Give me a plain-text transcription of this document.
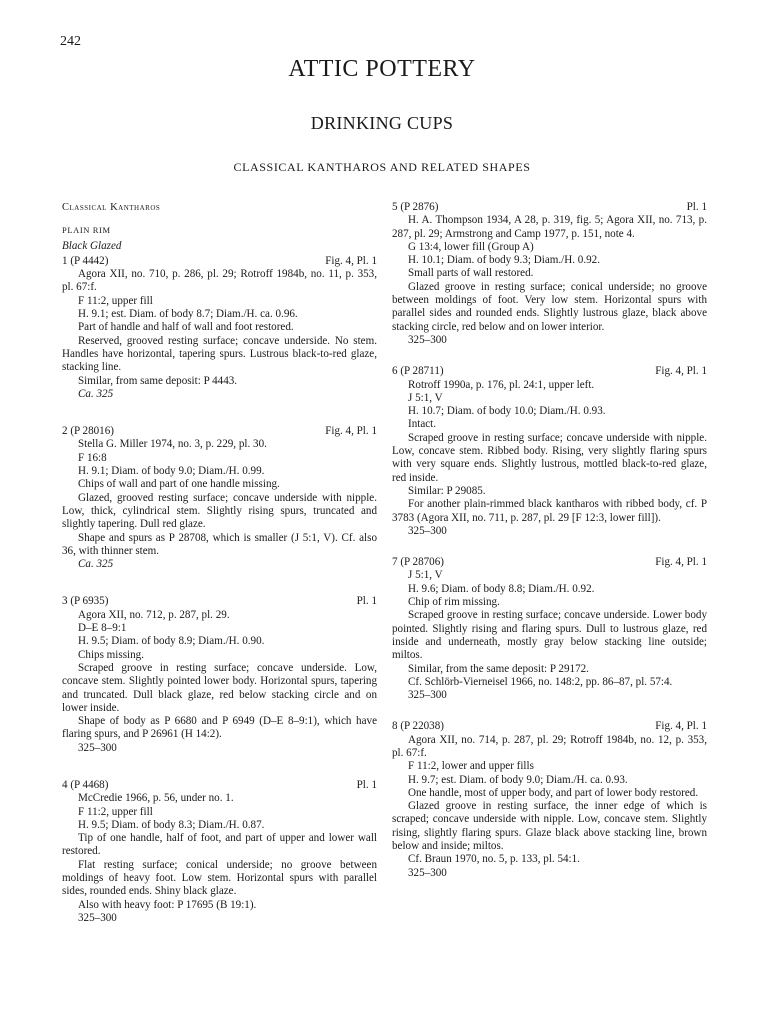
242
ATTIC POTTERY
DRINKING CUPS
CLASSICAL KANTHAROS AND RELATED SHAPES
Classical Kantharos
PLAIN RIM
Black Glazed
1 (P 4442)	Fig. 4, Pl. 1
Agora XII, no. 710, p. 286, pl. 29; Rotroff 1984b, no. 11, p. 353, pl. 67:f.
F 11:2, upper fill
H. 9.1; est. Diam. of body 8.7; Diam./H. ca. 0.96.
Part of handle and half of wall and foot restored.
Reserved, grooved resting surface; concave underside. No stem. Handles have horizontal, tapering spurs. Lustrous black-to-red glaze, stacking line.
Similar, from same deposit: P 4443.
Ca. 325
2 (P 28016)	Fig. 4, Pl. 1
Stella G. Miller 1974, no. 3, p. 229, pl. 30.
F 16:8
H. 9.1; Diam. of body 9.0; Diam./H. 0.99.
Chips of wall and part of one handle missing.
Glazed, grooved resting surface; concave underside with nipple. Low, thick, cylindrical stem. Slightly rising spurs, truncated and slightly tapering. Dull red glaze.
Shape and spurs as P 28708, which is smaller (J 5:1, V). Cf. also 36, with thinner stem.
Ca. 325
3 (P 6935)	Pl. 1
Agora XII, no. 712, p. 287, pl. 29.
D–E 8–9:1
H. 9.5; Diam. of body 8.9; Diam./H. 0.90.
Chips missing.
Scraped groove in resting surface; concave underside. Low, concave stem. Slightly pointed lower body. Horizontal spurs, tapering and truncated. Dull black glaze, red below stacking circle and on lower inside.
Shape of body as P 6680 and P 6949 (D–E 8–9:1), which have flaring spurs, and P 26961 (H 14:2).
325–300
4 (P 4468)	Pl. 1
McCredie 1966, p. 56, under no. 1.
F 11:2, upper fill
H. 9.5; Diam. of body 8.3; Diam./H. 0.87.
Tip of one handle, half of foot, and part of upper and lower wall restored.
Flat resting surface; conical underside; no groove between moldings of heavy foot. Low stem. Horizontal spurs with parallel sides, rounded ends. Shiny black glaze.
Also with heavy foot: P 17695 (B 19:1).
325–300
5 (P 2876)	Pl. 1
H. A. Thompson 1934, A 28, p. 319, fig. 5; Agora XII, no. 713, p. 287, pl. 29; Armstrong and Camp 1977, p. 151, note 4.
G 13:4, lower fill (Group A)
H. 10.1; Diam. of body 9.3; Diam./H. 0.92.
Small parts of wall restored.
Glazed groove in resting surface; conical underside; no groove between moldings of foot. Very low stem. Horizontal spurs with parallel sides and rounded ends. Slightly lustrous glaze, black above stacking circle, red below and on lower interior.
325–300
6 (P 28711)	Fig. 4, Pl. 1
Rotroff 1990a, p. 176, pl. 24:1, upper left.
J 5:1, V
H. 10.7; Diam. of body 10.0; Diam./H. 0.93.
Intact.
Scraped groove in resting surface; concave underside with nipple. Low, concave stem. Ribbed body. Rising, very slightly flaring spurs with very square ends. Slightly lustrous, mottled black-to-red glaze, red inside.
Similar: P 29085.
For another plain-rimmed black kantharos with ribbed body, cf. P 3783 (Agora XII, no. 711, p. 287, pl. 29 [F 12:3, lower fill]).
325–300
7 (P 28706)	Fig. 4, Pl. 1
J 5:1, V
H. 9.6; Diam. of body 8.8; Diam./H. 0.92.
Chip of rim missing.
Scraped groove in resting surface; concave underside. Lower body pointed. Slightly rising and flaring spurs. Dull to lustrous glaze, red inside and underneath, mostly gray below stacking line outside; miltos.
Similar, from the same deposit: P 29172.
Cf. Schlörb-Vierneisel 1966, no. 148:2, pp. 86–87, pl. 57:4.
325–300
8 (P 22038)	Fig. 4, Pl. 1
Agora XII, no. 714, p. 287, pl. 29; Rotroff 1984b, no. 12, p. 353, pl. 67:f.
F 11:2, lower and upper fills
H. 9.7; est. Diam. of body 9.0; Diam./H. ca. 0.93.
One handle, most of upper body, and part of lower body restored.
Glazed groove in resting surface, the inner edge of which is scraped; concave underside with nipple. Low, concave stem. Slightly rising, slightly flaring spurs. Glaze black above stacking line, brown below and inside; miltos.
Cf. Braun 1970, no. 5, p. 133, pl. 54:1.
325–300
